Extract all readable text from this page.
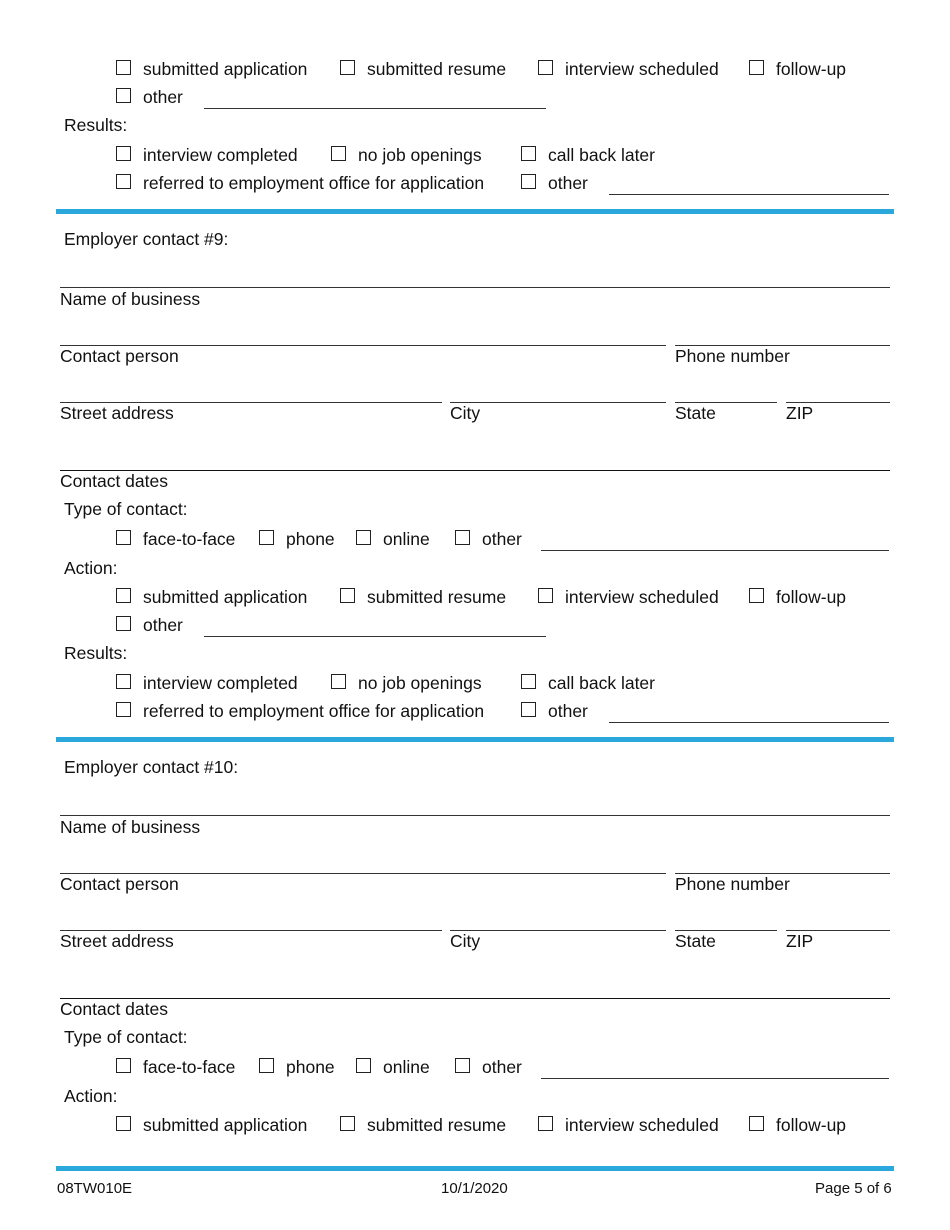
submitted application	submitted resume	interview scheduled	follow-up
other
Results:
interview completed	no job openings	call back later
referred to employment office for application	other
Employer contact #9:
Name of business
Contact person	Phone number
Street address	City	State	ZIP
Contact dates
Type of contact:
face-to-face	phone	online	other
Action:
submitted application	submitted resume	interview scheduled	follow-up
other
Results:
interview completed	no job openings	call back later
referred to employment office for application	other
Employer contact #10:
Name of business
Contact person	Phone number
Street address	City	State	ZIP
Contact dates
Type of contact:
face-to-face	phone	online	other
Action:
submitted application	submitted resume	interview scheduled	follow-up
08TW010E	10/1/2020	Page 5 of 6
